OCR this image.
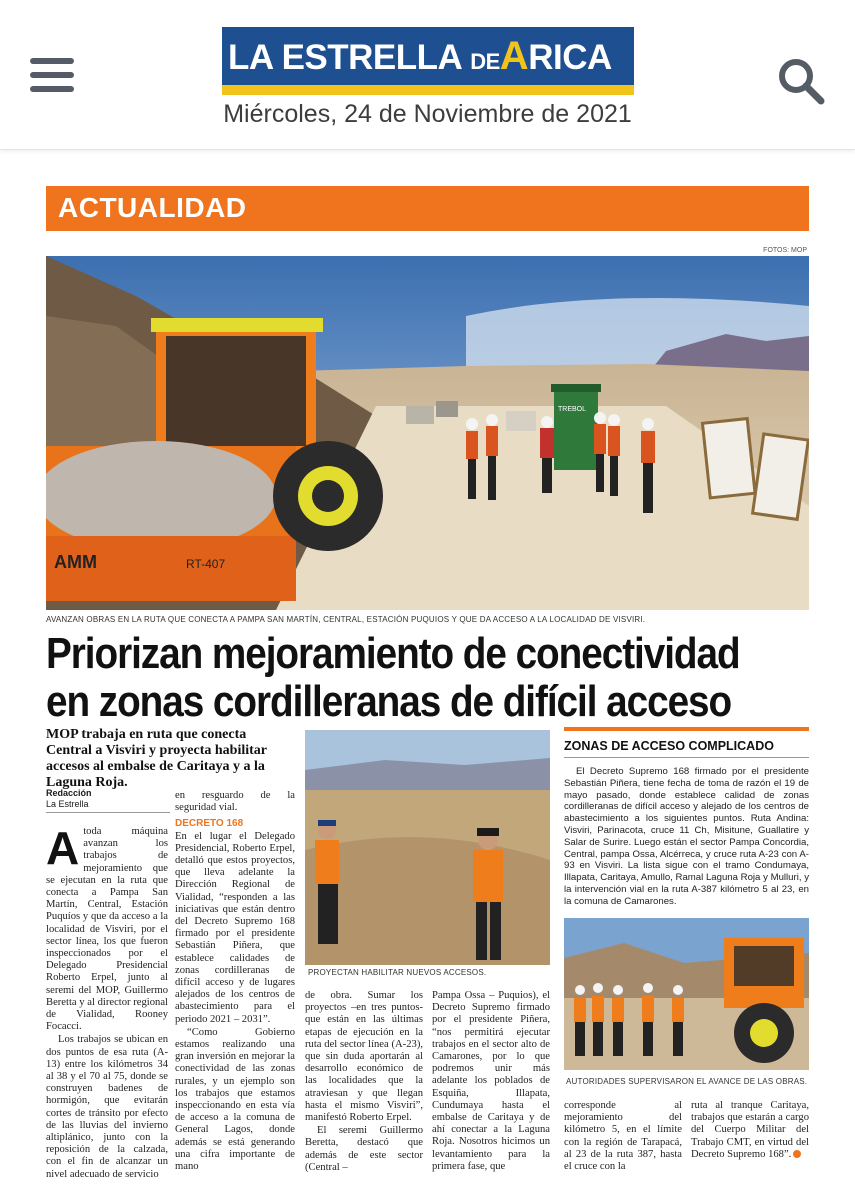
LA ESTRELLA DEARICA
Miércoles, 24 de Noviembre de 2021
ACTUALIDAD
FOTOS: MOP
TREBOL
AMM	RT-407
AVANZAN OBRAS EN LA RUTA QUE CONECTA A PAMPA SAN MARTÍN, CENTRAL, ESTACIÓN PUQUIOS Y QUE DA ACCESO A LA LOCALIDAD DE VISVIRI.
Priorizan mejoramiento de conectividad
en zonas cordilleranas de difícil acceso
MOP trabaja en ruta que conecta Central a Visviri y proyecta habilitar accesos al embalse de Caritaya y a la Laguna Roja.
Redacción
La Estrella

Atoda máquina avanzan los trabajos de mejoramiento que se ejecutan en la ruta que conecta a Pampa San Martín, Central, Estación Puquíos y que da acceso a la localidad de Visviri, por el sector línea, los que fueron inspeccionados por el Delegado Presidencial Roberto Erpel, junto al seremi del MOP, Guillermo Beretta y al director regional de Vialidad, Rooney Focacci.

Los trabajos se ubican en dos puntos de esa ruta (A-13) entre los kilómetros 34 al 38 y el 70 al 75, donde se construyen badenes de hormigón, que evitarán cortes de tránsito por efecto de las lluvias del invierno altiplánico, junto con la reposición de la calzada, con el fin de alcanzar un nivel adecuado de servicio

en resguardo de la seguridad vial.

DECRETO 168

En el lugar el Delegado Presidencial, Roberto Erpel, detalló que estos proyectos, que lleva adelante la Dirección Regional de Vialidad, “responden a las iniciativas que están dentro del Decreto Supremo 168 firmado por el presidente Sebastián Piñera, que establece calidades de zonas cordilleranas de difícil acceso y de lugares alejados de los centros de abastecimiento para el periodo 2021 – 2031”.

“Como Gobierno estamos realizando una gran inversión en mejorar la conectividad de las zonas rurales, y un ejemplo son los trabajos que estamos inspeccionando en esta vía de acceso a la comuna de General Lagos, donde además se está generando una cifra importante de mano

PROYECTAN HABILITAR NUEVOS ACCESOS.

de obra. Sumar los proyectos –en tres puntos- que están en las últimas etapas de ejecución en la ruta del sector línea (A-23), que sin duda aportarán al desarrollo económico de las localidades que la atraviesan y que llegan hasta el mismo Visviri”, manifestó Roberto Erpel.

El seremi Guillermo Beretta, destacó que además de este sector (Central –

Pampa Ossa – Puquios), el Decreto Supremo firmado por el presidente Piñera, “nos permitirá ejecutar trabajos en el sector alto de Camarones, por lo que podremos unir más adelante los poblados de Esquiña, Illapata, Cundumaya hasta el embalse de Caritaya y de ahí conectar a la Laguna Roja. Nosotros hicimos un levantamiento para la primera fase, que

ZONAS DE ACCESO COMPLICADO

El Decreto Supremo 168 firmado por el presidente Sebastián Piñera, tiene fecha de toma de razón el 19 de mayo pasado, donde establece calidad de zonas cordilleranas de difícil acceso y alejado de los centros de abastecimiento a los siguientes puntos. Ruta Andina: Visviri, Parinacota, cruce 11 Ch, Misitune, Guallatire y Salar de Surire. Luego están el sector Pampa Concordia, Central, pampa Ossa, Alcérreca, y cruce ruta A-23 con A-93 en Visviri. La lista sigue con el tramo Condumaya, Illapata, Caritaya, Amullo, Ramal Laguna Roja y Mulluri, y la intervención vial en la ruta A-387 kilómetro 5 al 23, en la comuna de Camarones.

AUTORIDADES SUPERVISARON EL AVANCE DE LAS OBRAS.

corresponde al mejoramiento del kilómetro 5, en el límite con la región de Tarapacá, al 23 de la ruta 387, hasta el cruce con la

ruta al tranque Caritaya, trabajos que estarán a cargo del Cuerpo Militar del Trabajo CMT, en virtud del Decreto Supremo 168”.
